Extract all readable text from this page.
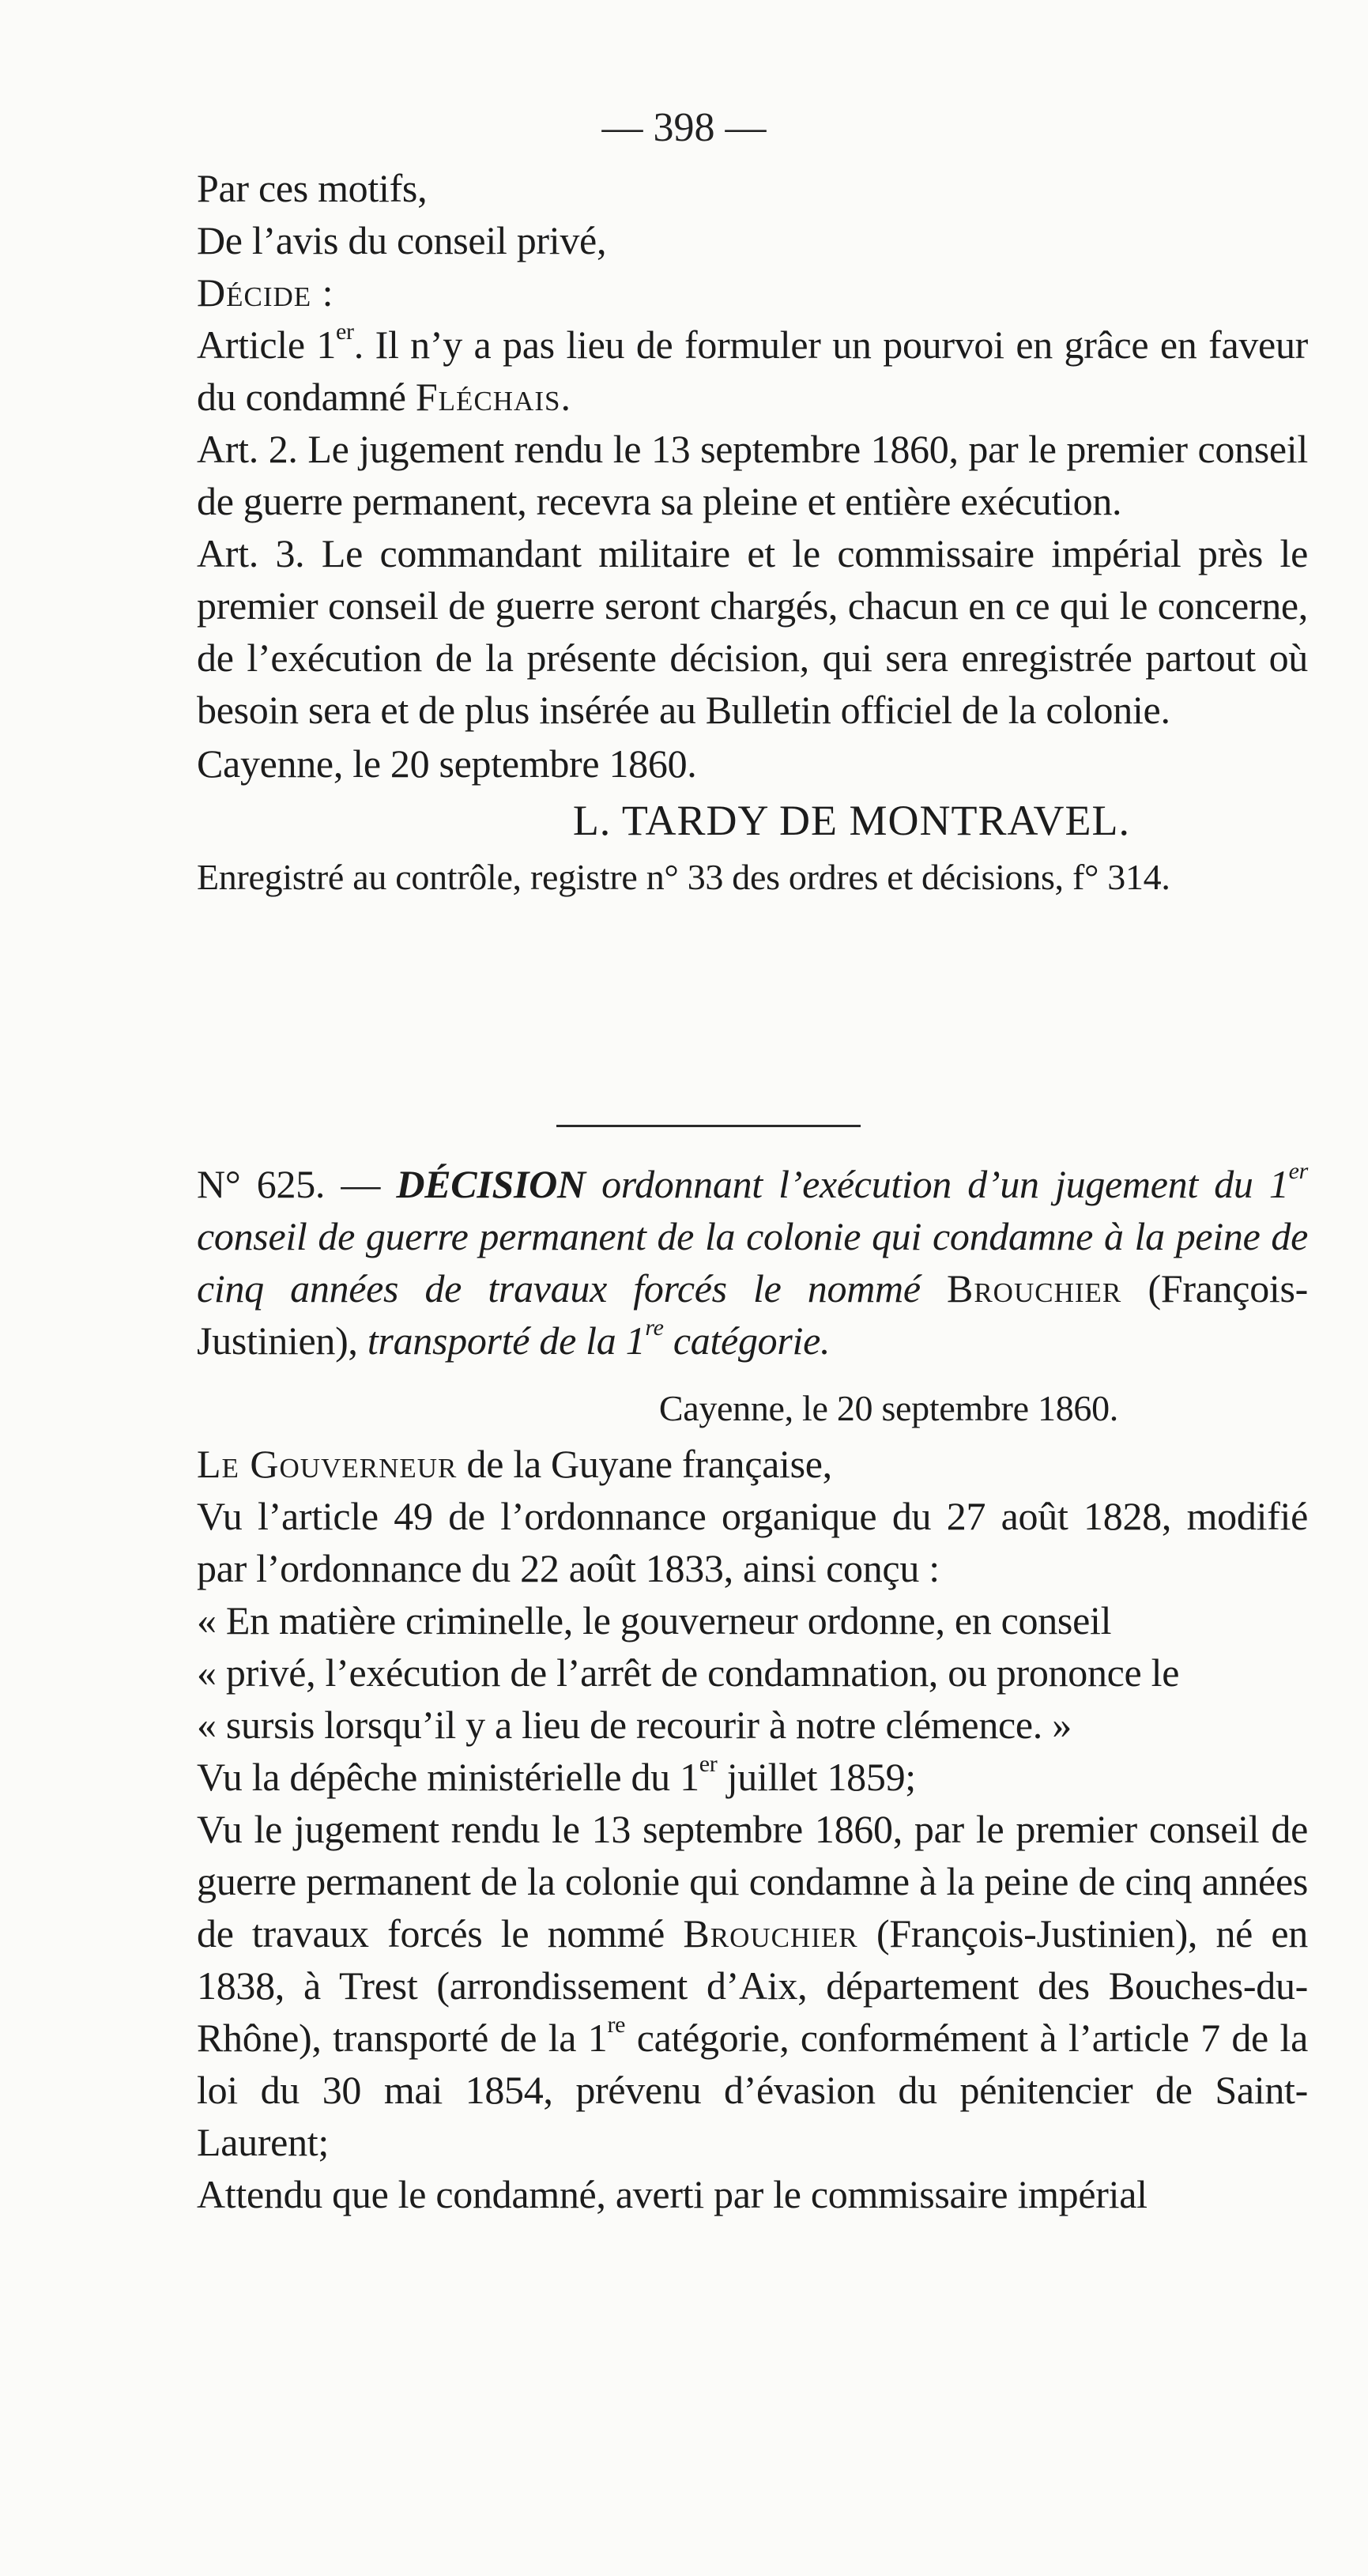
— 398 —

Par ces motifs,

De l’avis du conseil privé,

Décide :

Article 1er. Il n’y a pas lieu de formuler un pourvoi en grâce en faveur du condamné Fléchais.

Art. 2. Le jugement rendu le 13 septembre 1860, par le premier conseil de guerre permanent, recevra sa pleine et entière exécution.

Art. 3. Le commandant militaire et le commissaire impérial près le premier conseil de guerre seront chargés, chacun en ce qui le concerne, de l’exécution de la présente décision, qui sera enregistrée partout où besoin sera et de plus insérée au Bulletin officiel de la colonie.

Cayenne, le 20 septembre 1860.

L. TARDY DE MONTRAVEL.

Enregistré au contrôle, registre n° 33 des ordres et décisions, f° 314.

N° 625. — DÉCISION ordonnant l’exécution d’un jugement du 1er conseil de guerre permanent de la colonie qui condamne à la peine de cinq années de travaux forcés le nommé Brouchier (François-Justinien), transporté de la 1re catégorie.

Cayenne, le 20 septembre 1860.

Le Gouverneur de la Guyane française,

Vu l’article 49 de l’ordonnance organique du 27 août 1828, modifié par l’ordonnance du 22 août 1833, ainsi conçu :

« En matière criminelle, le gouverneur ordonne, en conseil

« privé, l’exécution de l’arrêt de condamnation, ou prononce le

« sursis lorsqu’il y a lieu de recourir à notre clémence. »

Vu la dépêche ministérielle du 1er juillet 1859;

Vu le jugement rendu le 13 septembre 1860, par le premier conseil de guerre permanent de la colonie qui condamne à la peine de cinq années de travaux forcés le nommé Brouchier (François-Justinien), né en 1838, à Trest (arrondissement d’Aix, département des Bouches-du-Rhône), transporté de la 1re catégorie, conformément à l’article 7 de la loi du 30 mai 1854, prévenu d’évasion du pénitencier de Saint-Laurent;

Attendu que le condamné, averti par le commissaire impérial
